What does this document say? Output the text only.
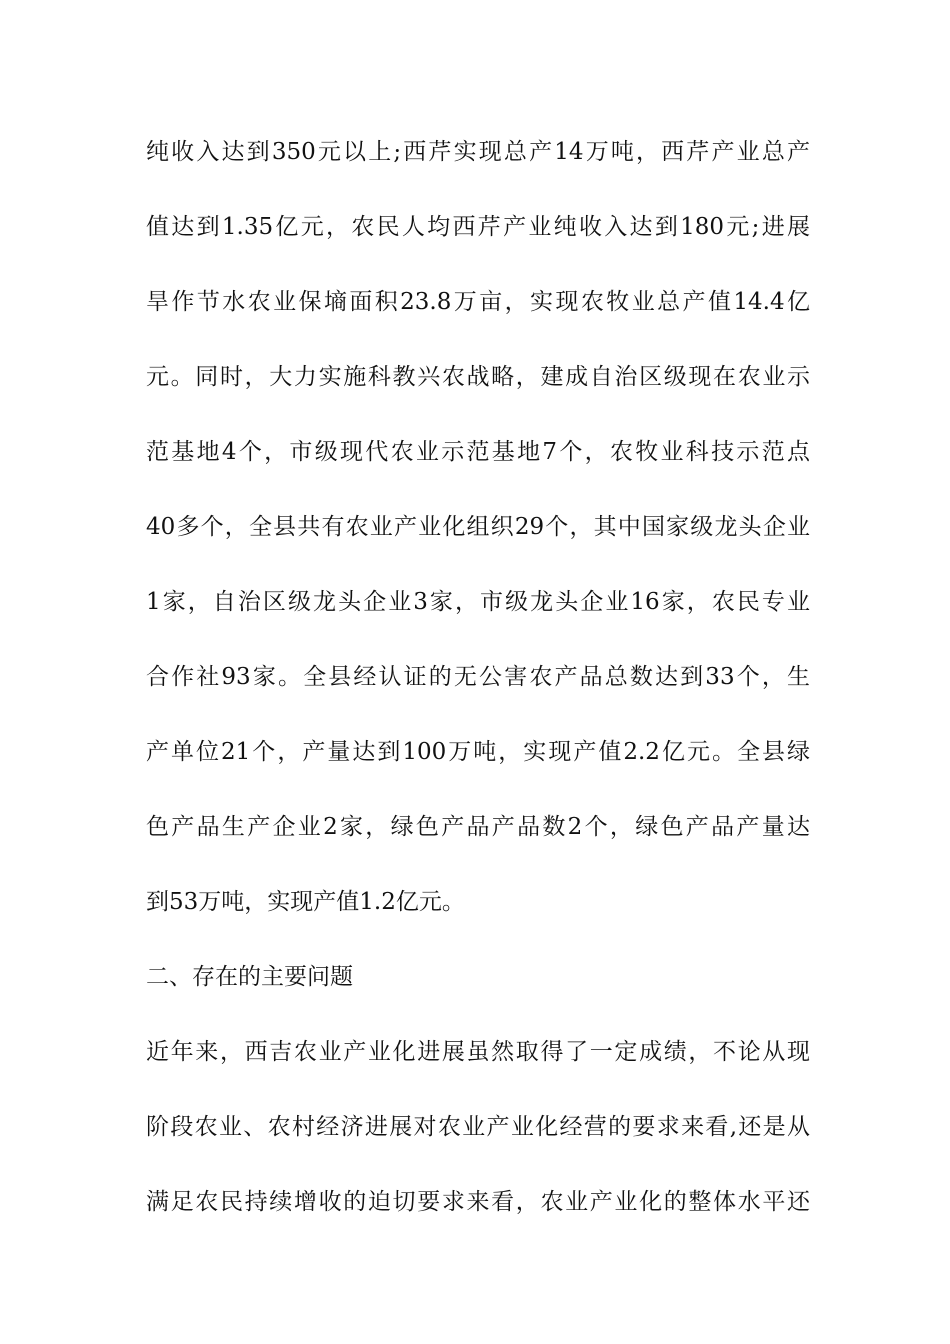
纯收入达到350元以上;西芹实现总产14万吨，西芹产业总产
值达到1.35亿元，农民人均西芹产业纯收入达到180元;进展
旱作节水农业保墒面积23.8万亩，实现农牧业总产值14.4亿
元。同时，大力实施科教兴农战略，建成自治区级现在农业示
范基地4个，市级现代农业示范基地7个，农牧业科技示范点
40多个，全县共有农业产业化组织29个，其中国家级龙头企业
1家，自治区级龙头企业3家，市级龙头企业16家，农民专业
合作社93家。全县经认证的无公害农产品总数达到33个，生
产单位21个，产量达到100万吨，实现产值2.2亿元。全县绿
色产品生产企业2家，绿色产品产品数2个，绿色产品产量达
到53万吨，实现产值1.2亿元。
二、存在的主要问题
近年来，西吉农业产业化进展虽然取得了一定成绩，不论从现
阶段农业、农村经济进展对农业产业化经营的要求来看,还是从
满足农民持续增收的迫切要求来看，农业产业化的整体水平还
